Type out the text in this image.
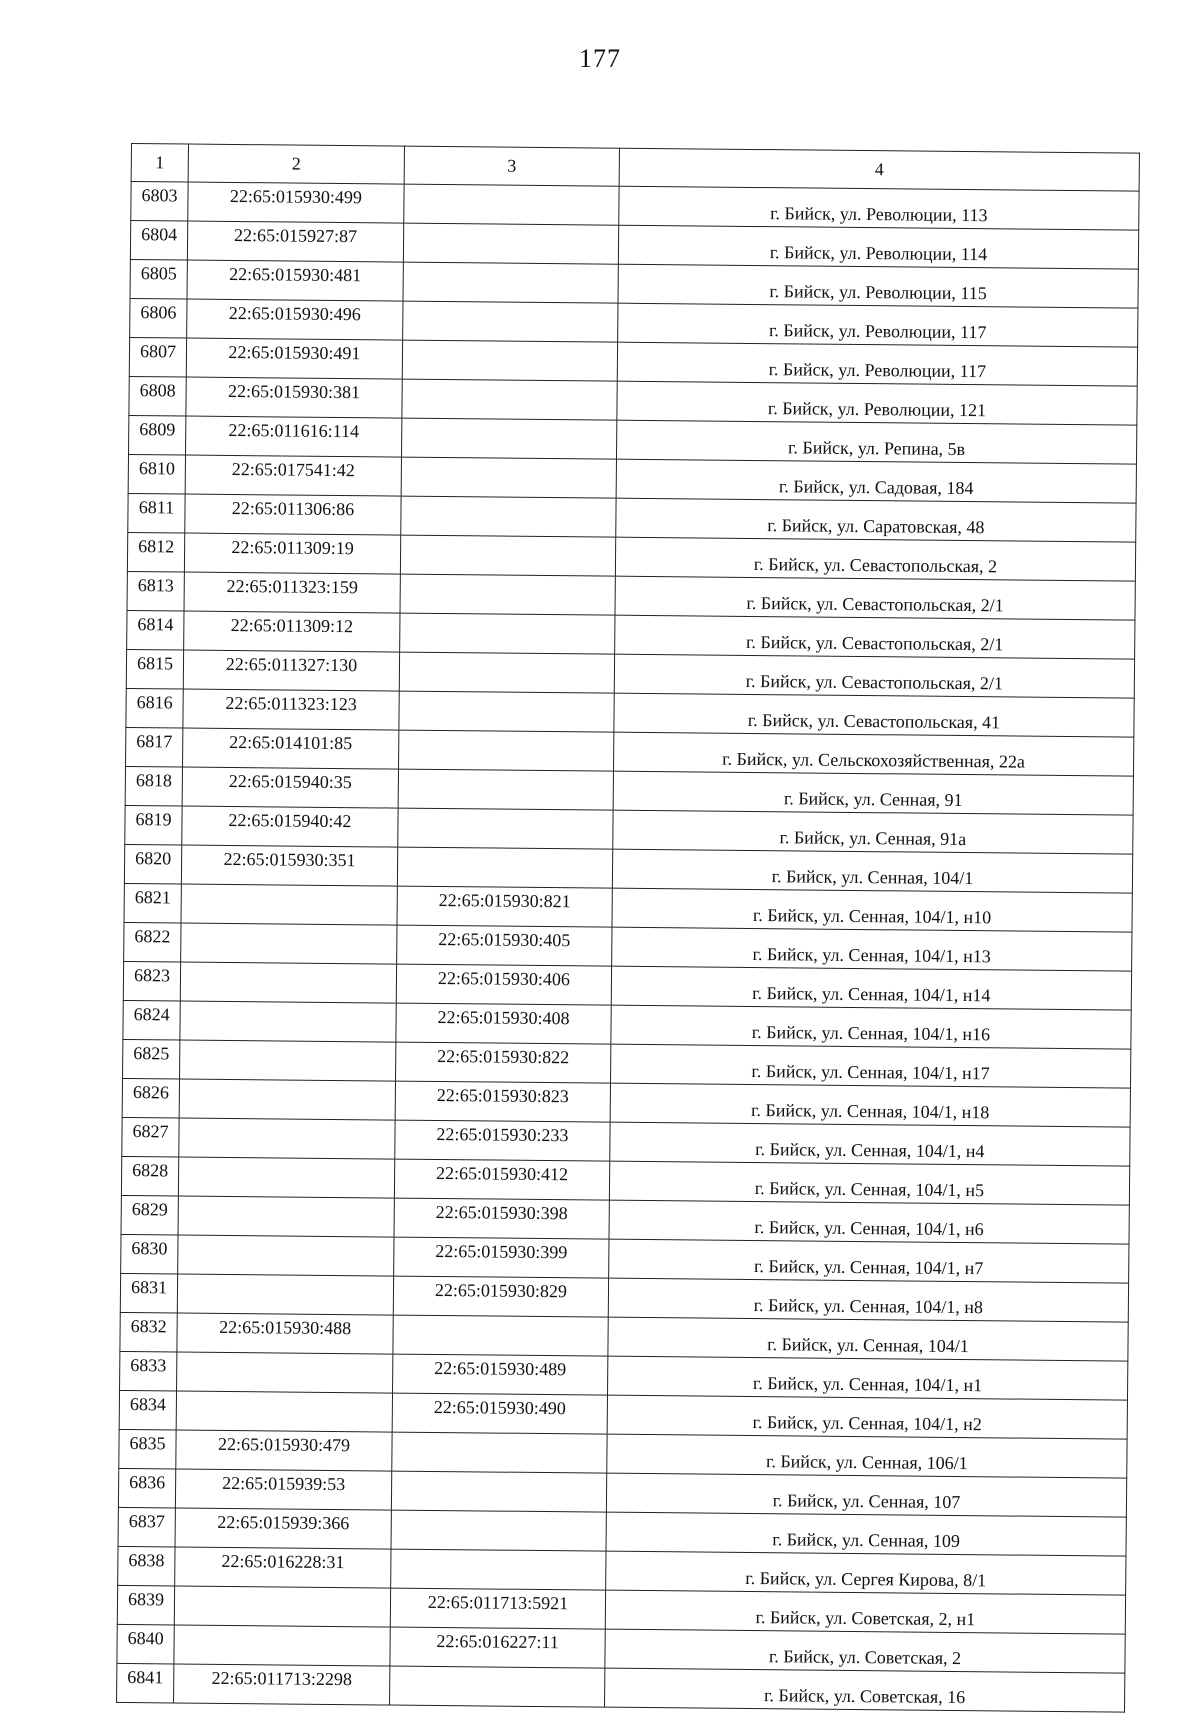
177
1	2	3	4
6803	22:65:015930:499		г. Бийск, ул. Революции, 113
6804	22:65:015927:87		г. Бийск, ул. Революции, 114
6805	22:65:015930:481		г. Бийск, ул. Революции, 115
6806	22:65:015930:496		г. Бийск, ул. Революции, 117
6807	22:65:015930:491		г. Бийск, ул. Революции, 117
6808	22:65:015930:381		г. Бийск, ул. Революции, 121
6809	22:65:011616:114		г. Бийск, ул. Репина, 5в
6810	22:65:017541:42		г. Бийск, ул. Садовая, 184
6811	22:65:011306:86		г. Бийск, ул. Саратовская, 48
6812	22:65:011309:19		г. Бийск, ул. Севастопольская, 2
6813	22:65:011323:159		г. Бийск, ул. Севастопольская, 2/1
6814	22:65:011309:12		г. Бийск, ул. Севастопольская, 2/1
6815	22:65:011327:130		г. Бийск, ул. Севастопольская, 2/1
6816	22:65:011323:123		г. Бийск, ул. Севастопольская, 41
6817	22:65:014101:85		г. Бийск, ул. Сельскохозяйственная, 22а
6818	22:65:015940:35		г. Бийск, ул. Сенная, 91
6819	22:65:015940:42		г. Бийск, ул. Сенная, 91а
6820	22:65:015930:351		г. Бийск, ул. Сенная, 104/1
6821		22:65:015930:821	г. Бийск, ул. Сенная, 104/1, н10
6822		22:65:015930:405	г. Бийск, ул. Сенная, 104/1, н13
6823		22:65:015930:406	г. Бийск, ул. Сенная, 104/1, н14
6824		22:65:015930:408	г. Бийск, ул. Сенная, 104/1, н16
6825		22:65:015930:822	г. Бийск, ул. Сенная, 104/1, н17
6826		22:65:015930:823	г. Бийск, ул. Сенная, 104/1, н18
6827		22:65:015930:233	г. Бийск, ул. Сенная, 104/1, н4
6828		22:65:015930:412	г. Бийск, ул. Сенная, 104/1, н5
6829		22:65:015930:398	г. Бийск, ул. Сенная, 104/1, н6
6830		22:65:015930:399	г. Бийск, ул. Сенная, 104/1, н7
6831		22:65:015930:829	г. Бийск, ул. Сенная, 104/1, н8
6832	22:65:015930:488		г. Бийск, ул. Сенная, 104/1
6833		22:65:015930:489	г. Бийск, ул. Сенная, 104/1, н1
6834		22:65:015930:490	г. Бийск, ул. Сенная, 104/1, н2
6835	22:65:015930:479		г. Бийск, ул. Сенная, 106/1
6836	22:65:015939:53		г. Бийск, ул. Сенная, 107
6837	22:65:015939:366		г. Бийск, ул. Сенная, 109
6838	22:65:016228:31		г. Бийск, ул. Сергея Кирова, 8/1
6839		22:65:011713:5921	г. Бийск, ул. Советская, 2, н1
6840		22:65:016227:11	г. Бийск, ул. Советская, 2
6841	22:65:011713:2298		г. Бийск, ул. Советская, 16
